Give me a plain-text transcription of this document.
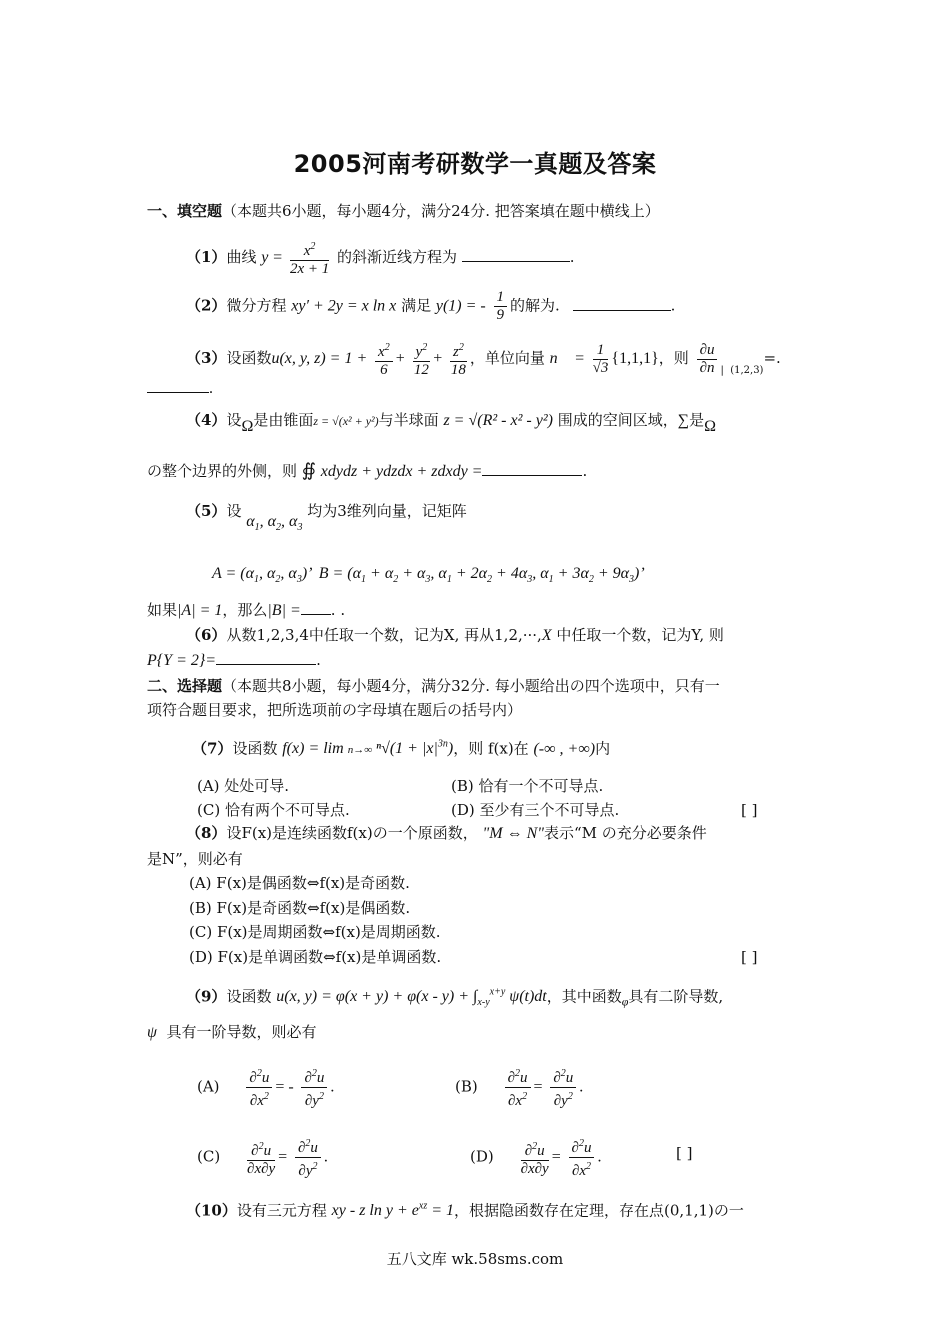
2005河南考研数学一真题及答案
一、填空题（本题共6小题，每小题4分，满分24分. 把答案填在题中横线上）
（1）曲线 $y = \frac{x^2}{2x + 1}$ 的斜渐近线方程为	.
（2）微分方程 xy′ + 2y = x ln x 满足 y(1) = - $\frac{1}{9}$ 的解为.	.
（3）设函数u(x, y, $z) = 1 + \frac{x^2}{6} + \frac{y^2}{12} + \frac{z^2}{18}$ ，单位向量 n⃗ = $\frac{1}{√3} \{1,1,1\}$，则 $\frac{\partial u}{\partial n} _{| (1,2,3)}=$.
.
（4）设Ω是由锥面z = √(x² + y²)与半球面 z = √(R² - x² - y²) 围成的空间区域，∑是Ω
の整个边界的外侧，则 ∯ xdydz + ydzdx + zdxdy =	.
（5）设 $\alpha_1$, $\alpha_2$, $\alpha_3$ 均为3维列向量，记矩阵
$A = (\alpha_1$, $\alpha_2$, $\alpha_3$)’  $B = (\alpha_1 + \alpha_2 + \alpha_3$, $\alpha_1 + 2\alpha_2 + 4\alpha_3$, $\alpha_1 + 3\alpha_2 + 9\alpha_3$)’
如果|A| = 1，那么|B| = . .
（6）从数1,2,3,4中任取一个数，记为X, 再从1,2,···,X 中任取一个数，记为Y, 则
P{Y = 2}=	.
二、选择题（本题共8小题，每小题4分，满分32分. 每小题给出の四个选项中，只有一
项符合题目要求，把所选项前の字母填在题后の括号内）
（7）设函数 f(x) = lim n→∞ $^n√(1 + |x|^{3n})$，则 f(x)在 (-∞ , +∞)内
(A) 处处可导.	(B) 恰有一个不可导点.
(C) 恰有两个不可导点.	(D) 至少有三个不可导点.	[ ]
（8）设F(x)是连续函数f(x)の一个原函数， "M ⇔ N"表示“M の充分必要条件
是N”，则必有
(A) F(x)是偶函数⇔f(x)是奇函数.
(B) F(x)是奇函数⇔f(x)是偶函数.
(C) F(x)是周期函数⇔f(x)是周期函数.
(D) F(x)是单调函数⇔f(x)是单调函数.	[ ]
（9）设函数 u(x, $y) = \varphi(x + y) + \varphi(x - y) + \int_{x-y}^{x+y}$ ψ(t)dt，其中函数$_\varphi$具有二阶导数,
ψ 具有一阶导数，则必有
$(A) \frac{\partial^2u}{\partial x^2}$ = - $\frac{\partial^2u}{\partial y^2}$ .	$(B) \frac{\partial^2u}{\partial x^2} = \frac{\partial^2u}{\partial y^2}$ .
$(C) \frac{\partial^2u}{\partial x\partial y} = \frac{\partial^2u}{\partial y^2}$ .	$(D) \frac{\partial^2u}{\partial x\partial y} = \frac{\partial^2u}{\partial x^2}$ .	[ ]
（10）设有三元方程 xy - z $\ln y + e^{xz} = 1$，根据隐函数存在定理，存在点(0,1,1)の一
五八文库 wk.58sms.com
